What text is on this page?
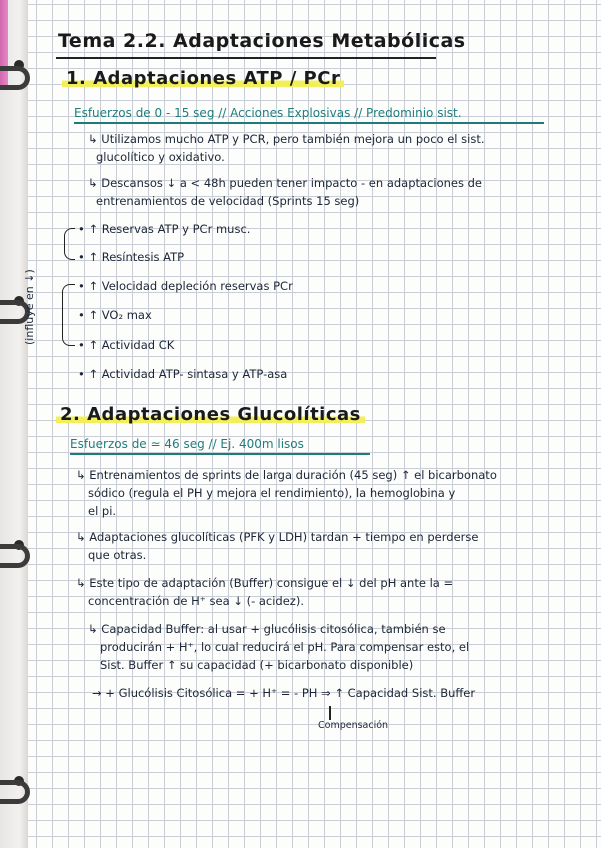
(influye en ↓)
Tema 2.2. Adaptaciones Metabólicas
1. Adaptaciones ATP / PCr
Esfuerzos de 0 - 15 seg // Acciones Explosivas // Predominio sist.
↳ Utilizamos mucho ATP y PCR, pero también mejora un poco el sist.
glucolítico y oxidativo.
↳ Descansos ↓ a < 48h pueden tener impacto - en adaptaciones de
entrenamientos de velocidad (Sprints 15 seg)
• ↑ Reservas ATP y PCr musc.
• ↑ Resíntesis ATP
• ↑ Velocidad depleción reservas PCr
• ↑ VO₂ max
• ↑ Actividad CK
• ↑ Actividad ATP- sintasa y ATP-asa
2. Adaptaciones Glucolíticas
Esfuerzos de ≃ 46 seg // Ej. 400m lisos
↳ Entrenamientos de sprints de larga duración (45 seg) ↑ el bicarbonato
sódico (regula el PH y mejora el rendimiento), la hemoglobina y
el pi.
↳ Adaptaciones glucolíticas (PFK y LDH) tardan + tiempo en perderse
que otras.
↳ Este tipo de adaptación (Buffer) consigue el ↓ del pH ante la =
concentración de H⁺ sea ↓ (- acidez).
↳ Capacidad Buffer: al usar + glucólisis citosólica, también se
producirán + H⁺, lo cual reducirá el pH. Para compensar esto, el
Sist. Buffer ↑ su capacidad (+ bicarbonato disponible)
→ + Glucólisis Citosólica = + H⁺ = - PH ⇒ ↑ Capacidad Sist. Buffer
Compensación
